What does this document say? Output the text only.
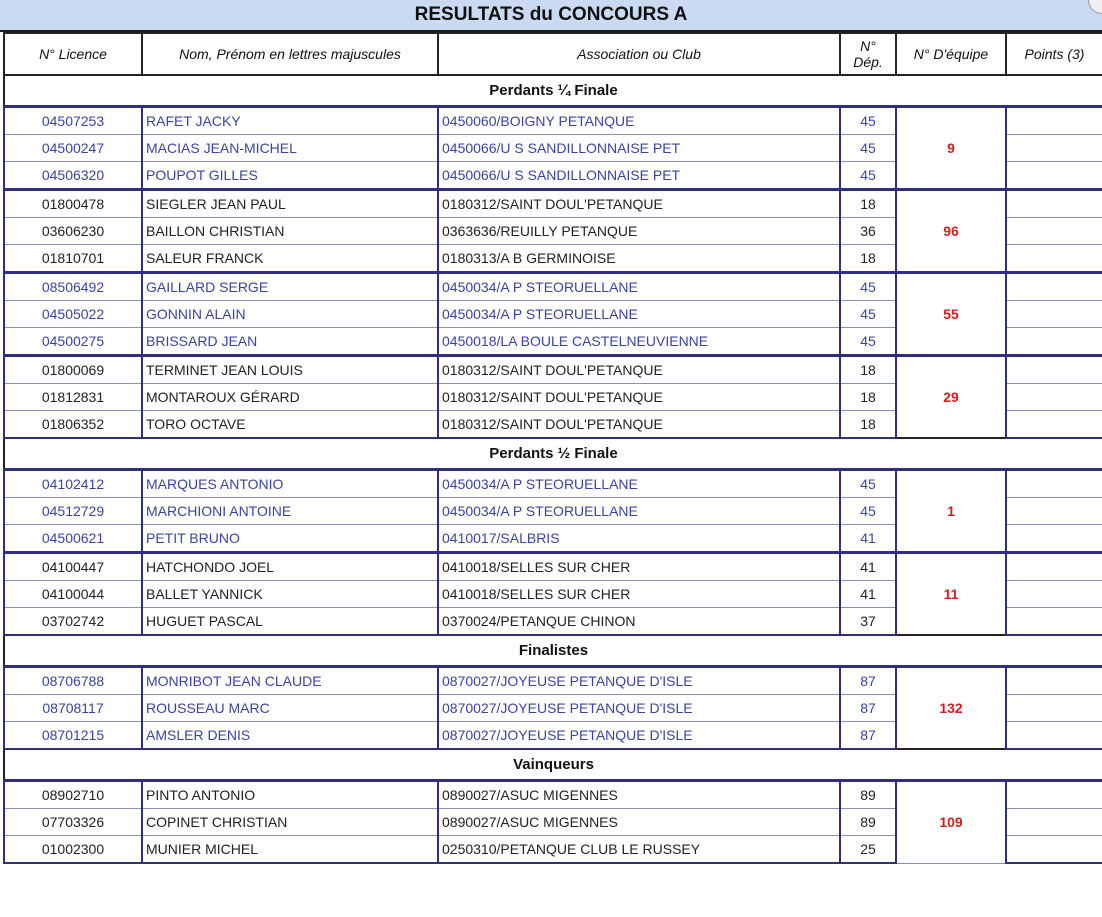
RESULTATS du CONCOURS A
N° Licence	Nom, Prénom en lettres majuscules	Association ou Club	N° Dép.	N° D'équipe	Points (3)
Perdants ¼ Finale					
04507253	RAFET JACKY	0450060/BOIGNY PETANQUE	45	9	
04500247	MACIAS JEAN-MICHEL	0450066/U S SANDILLONNAISE PET	45		
04506320	POUPOT GILLES	0450066/U S SANDILLONNAISE PET	45		
01800478	SIEGLER JEAN PAUL	0180312/SAINT DOUL'PETANQUE	18	96	
03606230	BAILLON CHRISTIAN	0363636/REUILLY PETANQUE	36		
01810701	SALEUR FRANCK	0180313/A B GERMINOISE	18		
08506492	GAILLARD SERGE	0450034/A P STEORUELLANE	45	55	
04505022	GONNIN ALAIN	0450034/A P STEORUELLANE	45		
04500275	BRISSARD JEAN	0450018/LA BOULE CASTELNEUVIENNE	45		
01800069	TERMINET JEAN LOUIS	0180312/SAINT DOUL'PETANQUE	18	29	
01812831	MONTAROUX GÉRARD	0180312/SAINT DOUL'PETANQUE	18		
01806352	TORO OCTAVE	0180312/SAINT DOUL'PETANQUE	18		
Perdants ½ Finale					
04102412	MARQUES ANTONIO	0450034/A P STEORUELLANE	45	1	
04512729	MARCHIONI ANTOINE	0450034/A P STEORUELLANE	45		
04500621	PETIT BRUNO	0410017/SALBRIS	41		
04100447	HATCHONDO JOEL	0410018/SELLES SUR CHER	41	11	
04100044	BALLET YANNICK	0410018/SELLES SUR CHER	41		
03702742	HUGUET PASCAL	0370024/PETANQUE CHINON	37		
Finalistes					
08706788	MONRIBOT JEAN CLAUDE	0870027/JOYEUSE PETANQUE D'ISLE	87	132	
08708117	ROUSSEAU MARC	0870027/JOYEUSE PETANQUE D'ISLE	87		
08701215	AMSLER DENIS	0870027/JOYEUSE PETANQUE D'ISLE	87		
Vainqueurs					
08902710	PINTO ANTONIO	0890027/ASUC MIGENNES	89	109	
07703326	COPINET CHRISTIAN	0890027/ASUC MIGENNES	89		
01002300	MUNIER MICHEL	0250310/PETANQUE CLUB LE RUSSEY	25		
